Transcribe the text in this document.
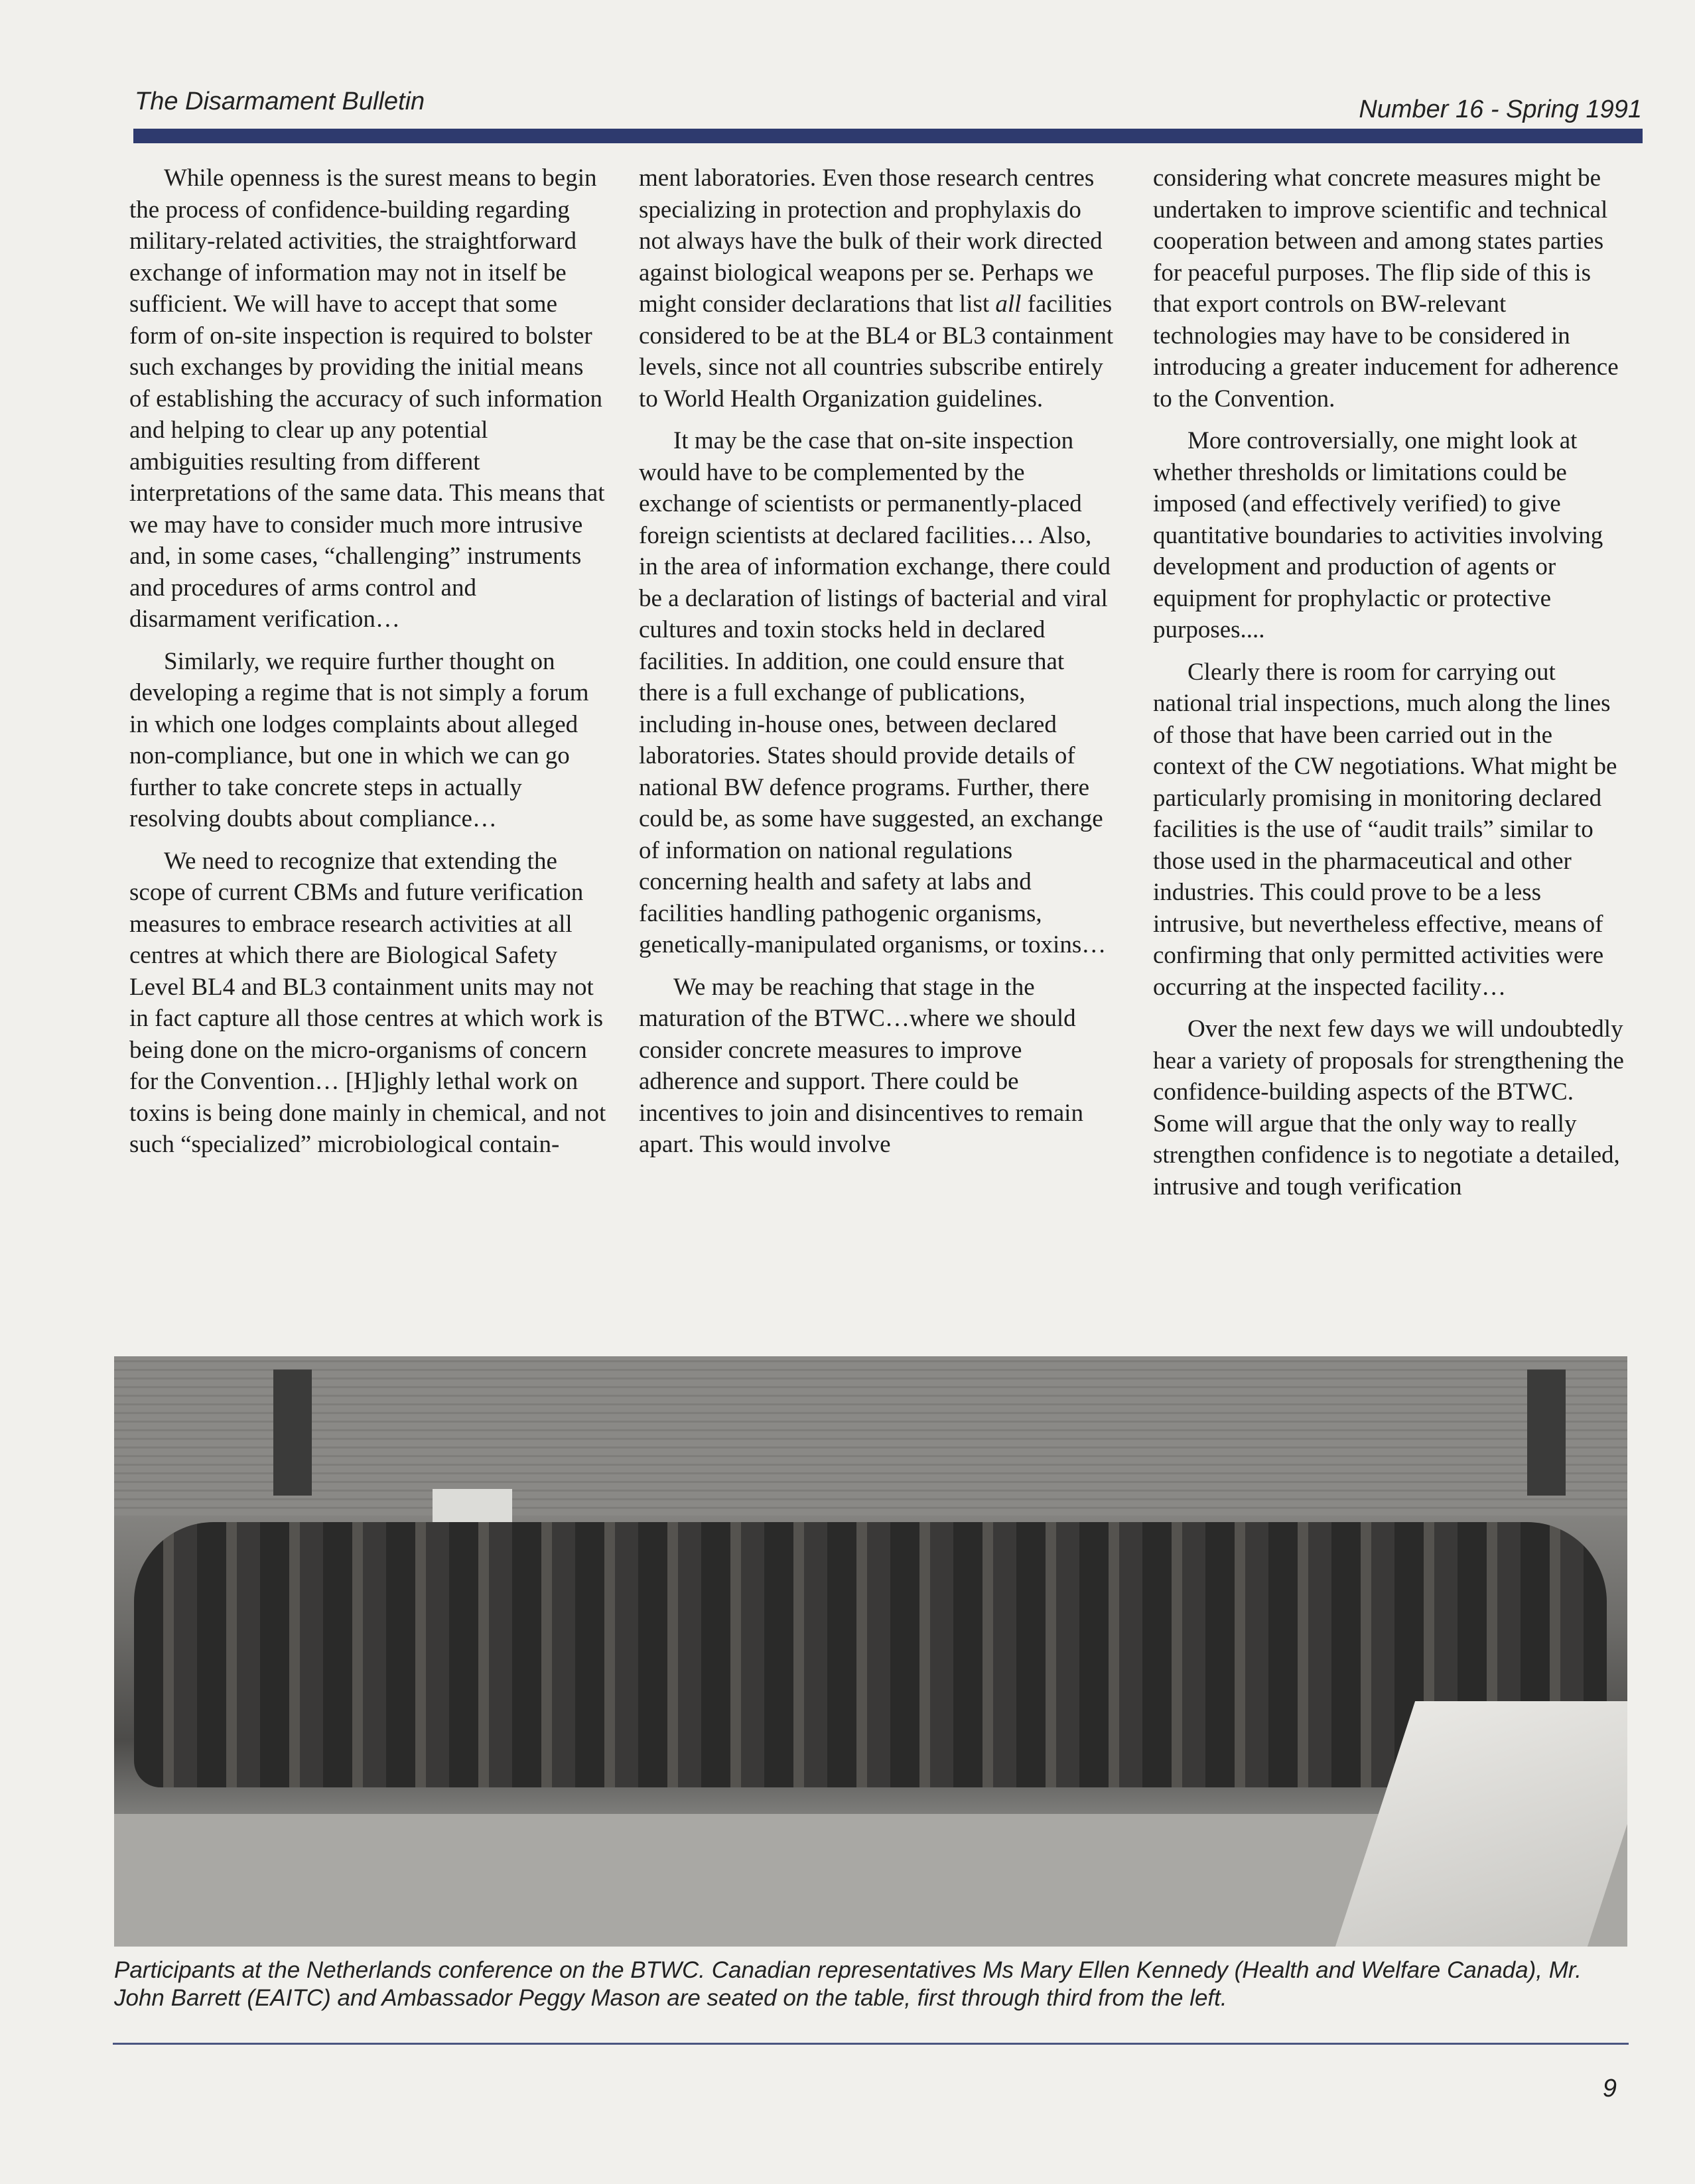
The Disarmament Bulletin	Number 16 - Spring 1991

While openness is the surest means to begin the process of confidence-building regarding military-related activities, the straightforward exchange of information may not in itself be sufficient. We will have to accept that some form of on-site inspection is required to bolster such exchanges by providing the initial means of establishing the accuracy of such information and helping to clear up any potential ambiguities resulting from different interpretations of the same data. This means that we may have to consider much more intrusive and, in some cases, “challenging” instruments and procedures of arms control and disarmament verification…

Similarly, we require further thought on developing a regime that is not simply a forum in which one lodges complaints about alleged non-compliance, but one in which we can go further to take concrete steps in actually resolving doubts about compliance…

We need to recognize that extending the scope of current CBMs and future verification measures to embrace research activities at all centres at which there are Biological Safety Level BL4 and BL3 containment units may not in fact capture all those centres at which work is being done on the micro-organisms of concern for the Convention… [H]ighly lethal work on toxins is being done mainly in chemical, and not such “specialized” microbiological contain-

ment laboratories. Even those research centres specializing in protection and prophylaxis do not always have the bulk of their work directed against biological weapons per se. Perhaps we might consider declarations that list all facilities considered to be at the BL4 or BL3 containment levels, since not all countries subscribe entirely to World Health Organization guidelines.

It may be the case that on-site inspection would have to be complemented by the exchange of scientists or permanently-placed foreign scientists at declared facilities… Also, in the area of information exchange, there could be a declaration of listings of bacterial and viral cultures and toxin stocks held in declared facilities. In addition, one could ensure that there is a full exchange of publications, including in-house ones, between declared laboratories. States should provide details of national BW defence programs. Further, there could be, as some have suggested, an exchange of information on national regulations concerning health and safety at labs and facilities handling pathogenic organisms, genetically-manipulated organisms, or toxins…

We may be reaching that stage in the maturation of the BTWC…where we should consider concrete measures to improve adherence and support. There could be incentives to join and disincentives to remain apart. This would involve

considering what concrete measures might be undertaken to improve scientific and technical cooperation between and among states parties for peaceful purposes. The flip side of this is that export controls on BW-relevant technologies may have to be considered in introducing a greater inducement for adherence to the Convention.

More controversially, one might look at whether thresholds or limitations could be imposed (and effectively verified) to give quantitative boundaries to activities involving development and production of agents or equipment for prophylactic or protective purposes....

Clearly there is room for carrying out national trial inspections, much along the lines of those that have been carried out in the context of the CW negotiations. What might be particularly promising in monitoring declared facilities is the use of “audit trails” similar to those used in the pharmaceutical and other industries. This could prove to be a less intrusive, but nevertheless effective, means of confirming that only permitted activities were occurring at the inspected facility…

Over the next few days we will undoubtedly hear a variety of proposals for strengthening the confidence-building aspects of the BTWC. Some will argue that the only way to really strengthen confidence is to negotiate a detailed, intrusive and tough verification

Participants at the Netherlands conference on the BTWC. Canadian representatives Ms Mary Ellen Kennedy (Health and Welfare Canada), Mr. John Barrett (EAITC) and Ambassador Peggy Mason are seated on the table, first through third from the left.
9
